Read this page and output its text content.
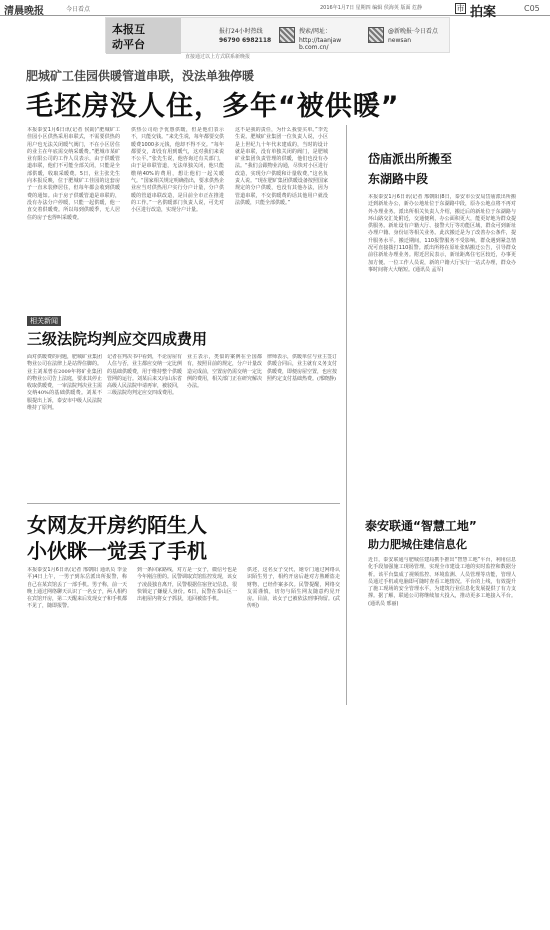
清晨晚报	今日看点	2016年1月7日 星期四 编辑 侯海英 版面 危静	市 拍案	C05
本报互
动平台
报打24小时热线
96790 6982118
搜索/网址：
http://taanjaw b.com.cn/
@新晚报·今日看点
newsan
直接通过以上方式联系新晚报
肥城矿工佳园供暖管道串联，没法单独停暖
毛坯房没人住，多年“被供暖”
本报泰安1月6日讯(记者 侯勋)“肥城矿工佳园小区供热采用串联式，不需要供热的用户也无法关闭暖气阀门，不在小区居住的业主在年底需交纳采暖费。”肥城市某矿业有限公司的工作人员表示，由于供暖管道串联，他们不可能全部关闭，只能是全部供暖，收取采暖费。5日，业主张先生向本报反映，位于肥城矿工佳园的这套房子一直未装修居住，但每年都会收到供暖费的通知。由于房子供暖管道是串联的，没有办法分户停暖，只能一起供暖，他一直交着供暖费。所以每到供暖季，无人居住的房子也得叫采暖费。
供热公司给予优惠供暖，但是他们表示不，只能交钱。“来先生说，每年都要交供暖费1000多元钱，他却不得不交。“每年都要交，却没有用到暖气，这对我们来说不公平。”张先生说，他咨询过有关部门，由于是串联管道，无法单独关闭，他只能缴纳40%的费用，想让他们一起关暖气。“国家相关规定明确指出，要求供热企业应当对供热用户实行分户计量，分户供暖的管道串联改造，是目前全市正在推进的工作。”一名供暖部门负责人说，可先对小区进行改造，实现分户计量。
这不是我的责任，为什么我要买单。”李先生说。肥城矿业集团一位负责人说，小区是上世纪九十年代末建成的，当时的设计就是串联，没有单独关闭的阀门，是肥城矿业集团负责管理的供暖，他们也没有办法。“我们会跟物业沟通，尽快对小区进行改造，实现分户供暖和计量收费，”这名负责人说。“现在肥矿集团供暖设备按照国家规定的分户供暖，也没有其他办法，因为管道串联，不交供暖费的话其他用户就没法供暖，只能全部供暖。”
相关新闻
三级法院均判应交四成费用
面对供暖费的问题，肥城矿业集团物业公司在法律上是站得住脚的。业主刘某曾在2009年将矿业集团的物业公司告上法庭，要求其停止收取供暖费，一审法院判决业主需交纳40%的基础供暖费。刘某不服提出上诉，泰安市中级人民法院维持了原判。
记者在判决书中看到，不论房屋有人住与否，业主都应交纳一定比例的基础供暖费，用于维持整个供暖管网的运行。刘某后来又向山东省高级人民法院申请再审，被驳回，三级法院均判定应交四成费用。
业主表示，类似的案例在全国都有，按照目前的规定，分户计量改造完成前，空置房仍需交纳一定比例的费用，相关部门正在研究解决办法。
律师表示，供暖单位与业主签订供暖合同后，业主就有义务支付供暖费，即便房屋空置，也应按照约定支付基础热费。(邢晓静)
女网友开房约陌生人
小伙眯一觉丢了手机
本报泰安1月6日讯(记者 邢朝阳 通讯员 李金平)4日上午，一男子到东岳派出所报警，称自己在某宾馆丢了一部手机。男子称，前一天晚上通过网络聊天认识了一名女子，两人相约在宾馆开房，第二天醒来后发现女子和手机都不见了，随即报警。
到一条回家路线，对方是一女子，微信号也是今年刚注册的。民警调取宾馆监控发现，该女子凌晨独自离开，民警根据住宿登记信息，很快锁定了嫌疑人身份。6日，民警在泰山区一出租屋内将女子抓获，追回被盗手机。
供述，这名女子交代，她专门通过网络认识陌生男子，相约开房后趁对方熟睡盗走财物，已经作案多次。民警提醒，网络交友需谨慎，切勿与陌生网友随意约见开房。目前，该女子已被依法刑事拘留。(武传明)
岱庙派出所搬至
东湖路中段
本报泰安1月6日讯(记者 邢朝阳)8日，泰安市公安局岱庙派出所搬迁到新址办公，新办公地址位于东湖路中段，原办公地点将不再对外办理业务。派出所相关负责人介绍，搬迁后的新址位于东湖路与环山路交汇处附近，交通便利，办公面积更大，能更好地为群众提供服务。新址设有户籍大厅、接警大厅等功能区域，群众可到新址办理户籍、身份证等相关业务。此次搬迁是为了改善办公条件，提升服务水平。搬迁期间，110报警服务不受影响，群众遇到紧急情况可直接拨打110报警。派出所将在原址张贴搬迁公告，引导群众前往新址办理业务。附近居民表示，新址距离住宅区较近，办事更加方便。一位工作人员说，新的户籍大厅实行一站式办理，群众办事时间将大大缩短。(通讯员 孟军)
泰安联通“智慧工地”
助力肥城住建信息化
近日，泰安联通与肥城住建局携手推出“智慧工地”平台，利用信息化手段加强施工现场管理，实现全市建设工地的实时监控和数据分析。该平台集成了视频监控、环境监测、人员管理等功能，管理人员通过手机或电脑即可随时查看工地情况。平台的上线，有效提升了施工现场的安全管理水平，为建筑行业信息化发展提供了有力支撑。据了解，联通公司将继续加大投入，推动更多工地接入平台。(通讯员 邢丽)
